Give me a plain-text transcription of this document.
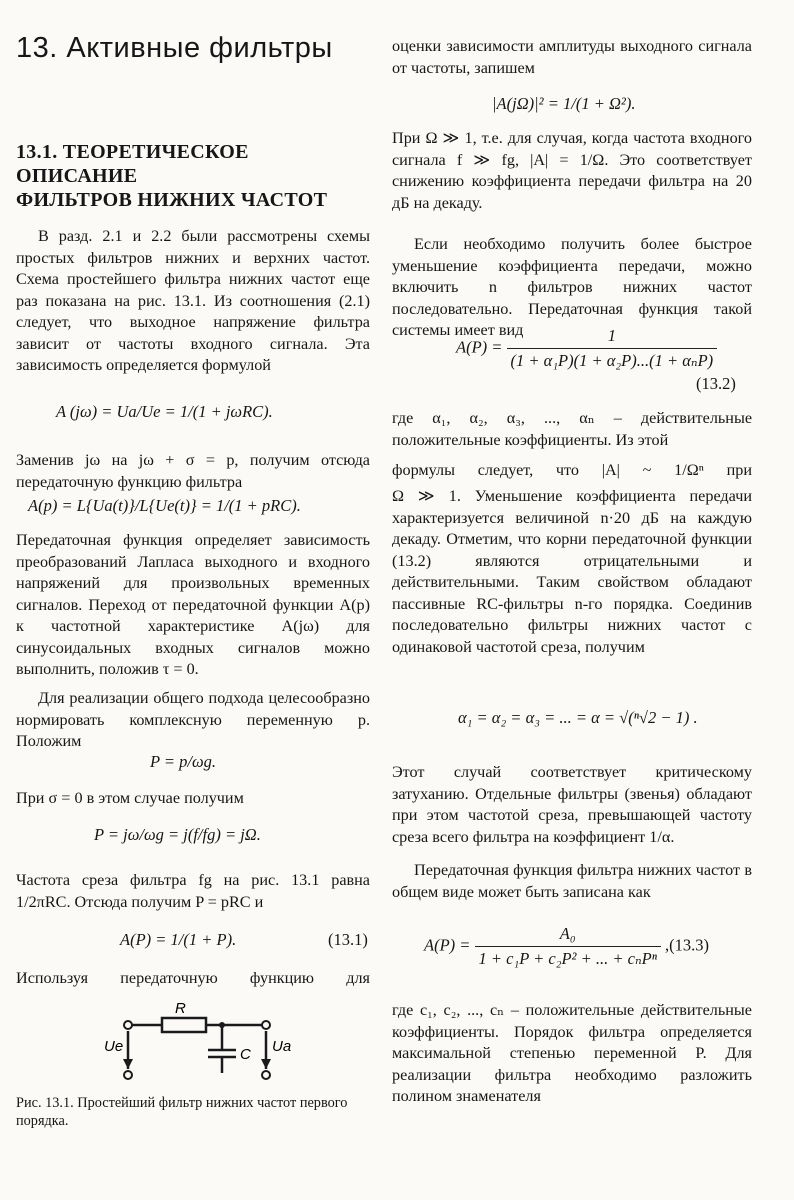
13. Активные фильтры
13.1. ТЕОРЕТИЧЕСКОЕ
ОПИСАНИЕ
ФИЛЬТРОВ НИЖНИХ ЧАСТОТ

В разд. 2.1 и 2.2 были рассмотрены схемы простых фильтров нижних и верхних частот. Схема простейшего фильтра нижних частот еще раз показана на рис. 13.1. Из соотношения (2.1) следует, что выходное напряжение фильтра зависит от частоты входного сигнала. Эта зависимость определяется формулой

A (jω) = Ua/Ue = 1/(1 + jωRC).

Заменив jω на jω + σ = p, получим отсюда передаточную функцию фильтра

A(p) = L{Ua(t)}/L{Ue(t)} = 1/(1 + pRC).

Передаточная функция определяет зависимость преобразований Лапласа выходного и входного напряжений для произвольных временных сигналов. Переход от передаточной функции A(p) к частотной характеристике A(jω) для синусоидальных входных сигналов можно выполнить, положив τ = 0.

Для реализации общего подхода целесообразно нормировать комплексную переменную p. Положим

P = p/ωg.

При σ = 0 в этом случае получим

P = jω/ωg = j(f/fg) = jΩ.

Частота среза фильтра fg на рис. 13.1 равна 1/2πRC. Отсюда получим P = pRC и

A(P) = 1/(1 + P).	(13.1)

Используя передаточную функцию для

R
C
Ue	Ua
Рис. 13.1. Простейший фильтр нижних частот первого порядка.

оценки зависимости амплитуды выходного сигнала от частоты, запишем

|A(jΩ)|² = 1/(1 + Ω²).

При Ω ≫ 1, т.е. для случая, когда частота входного сигнала f ≫ fg, |A| = 1/Ω. Это соответствует снижению коэффициента передачи фильтра на 20 дБ на декаду.

Если необходимо получить более быстрое уменьшение коэффициента передачи, можно включить n фильтров нижних частот последовательно. Передаточная функция такой системы имеет вид

$A(P) = \frac{1}{\text{(1 + α₁P)(1 + α₂P)...(1 + αₙP)}}$
(13.2)

где α₁, α₂, α₃, ..., αₙ – действительные положительные коэффициенты. Из этой

формулы следует, что |A| ~ 1/Ωⁿ при

Ω ≫ 1. Уменьшение коэффициента передачи характеризуется величиной n·20 дБ на каждую декаду. Отметим, что корни передаточной функции (13.2) являются отрицательными и действительными. Таким свойством обладают пассивные RC-фильтры n-го порядка. Соединив последовательно фильтры нижних частот с одинаковой частотой среза, получим

α₁ = α₂ = α₃ = ... = α = √(ⁿ√2 − 1) .

Этот случай соответствует критическому затуханию. Отдельные фильтры (звенья) обладают при этом частотой среза, превышающей частоту среза всего фильтра на коэффициент 1/α.

Передаточная функция фильтра нижних частот в общем виде может быть записана как

$A(P) = \frac{\text{A₀}}{\text{1 + c₁P + c₂P² + ... + cₙPⁿ}} ,(13.3)$

где c₁, c₂, ..., cₙ – положительные действительные коэффициенты. Порядок фильтра определяется максимальной степенью переменной P. Для реализации фильтра необходимо разложить полином знаменателя
